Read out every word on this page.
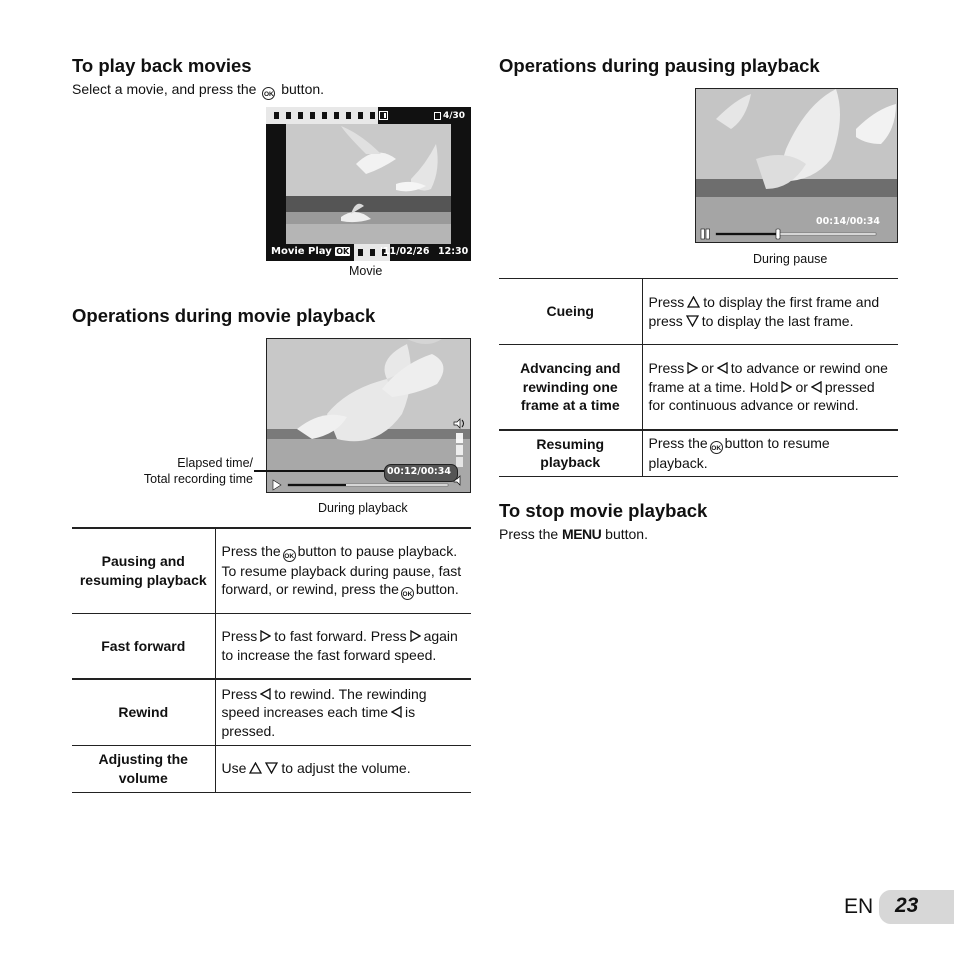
To play back movies
Select a movie, and press the OK button.
4/30
Movie Play OK	'11/02/26 12:30
Movie
Operations during movie playback
00:12/00:34
Elapsed time/
Total recording time
During playback
Pausing and resuming playback	Press the OK button to pause playback. To resume playback during pause, fast forward, or rewind, press the OK button.
Fast forward	Press to fast forward. Press again to increase the fast forward speed.
Rewind	Press to rewind. The rewinding speed increases each time is pressed.
Adjusting the volume	Use to adjust the volume.
Operations during pausing playback
00:14/00:34
During pause
Cueing	Press to display the first frame and press to display the last frame.
Advancing and rewinding one frame at a time	Press or to advance or rewind one frame at a time. Hold or pressed for continuous advance or rewind.
Resuming playback	Press the OK button to resume playback.
To stop movie playback
Press the MENU button.
EN 23
